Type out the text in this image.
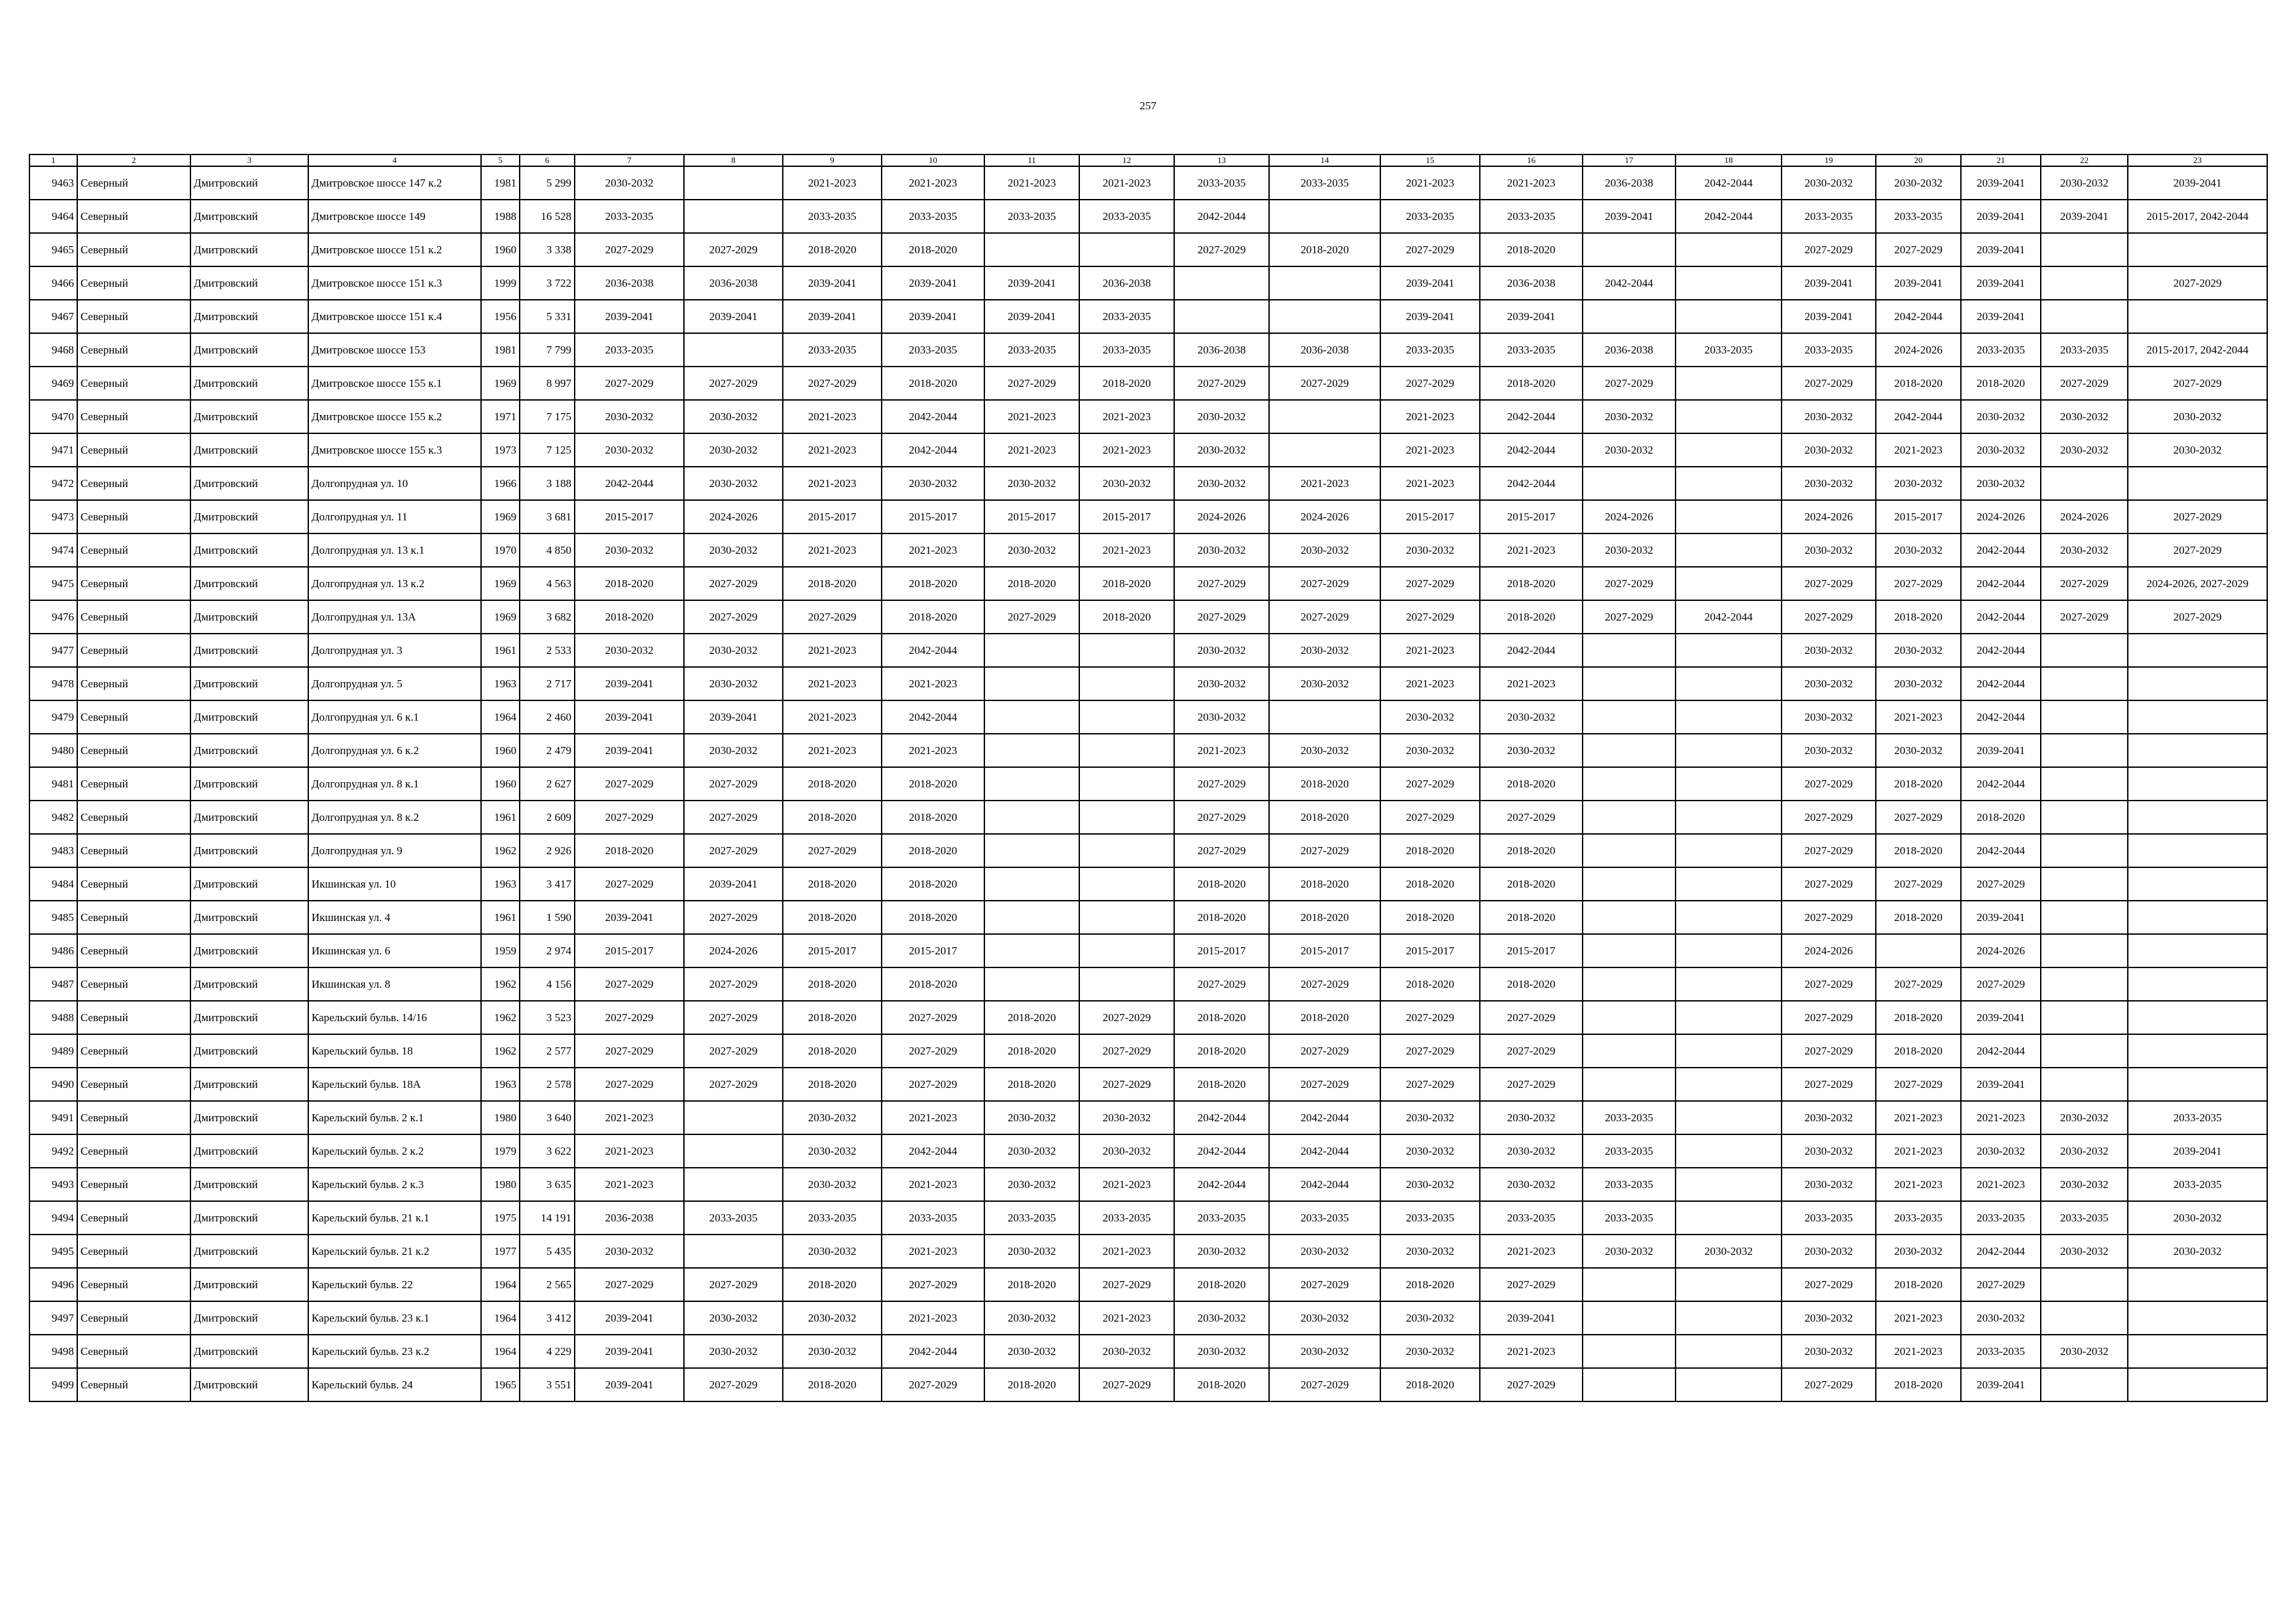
257
1	2	3	4	5	6	7	8	9	10	11	12	13	14	15	16	17	18	19	20	21	22	23
9463	Северный	Дмитровский	Дмитровское шоссе 147 к.2	1981	5 299	2030-2032		2021-2023	2021-2023	2021-2023	2021-2023	2033-2035	2033-2035	2021-2023	2021-2023	2036-2038	2042-2044	2030-2032	2030-2032	2039-2041	2030-2032	2039-2041
9464	Северный	Дмитровский	Дмитровское шоссе 149	1988	16 528	2033-2035		2033-2035	2033-2035	2033-2035	2033-2035	2042-2044		2033-2035	2033-2035	2039-2041	2042-2044	2033-2035	2033-2035	2039-2041	2039-2041	2015-2017, 2042-2044
9465	Северный	Дмитровский	Дмитровское шоссе 151 к.2	1960	3 338	2027-2029	2027-2029	2018-2020	2018-2020			2027-2029	2018-2020	2027-2029	2018-2020			2027-2029	2027-2029	2039-2041		
9466	Северный	Дмитровский	Дмитровское шоссе 151 к.3	1999	3 722	2036-2038	2036-2038	2039-2041	2039-2041	2039-2041	2036-2038			2039-2041	2036-2038	2042-2044		2039-2041	2039-2041	2039-2041		2027-2029
9467	Северный	Дмитровский	Дмитровское шоссе 151 к.4	1956	5 331	2039-2041	2039-2041	2039-2041	2039-2041	2039-2041	2033-2035			2039-2041	2039-2041			2039-2041	2042-2044	2039-2041		
9468	Северный	Дмитровский	Дмитровское шоссе 153	1981	7 799	2033-2035		2033-2035	2033-2035	2033-2035	2033-2035	2036-2038	2036-2038	2033-2035	2033-2035	2036-2038	2033-2035	2033-2035	2024-2026	2033-2035	2033-2035	2015-2017, 2042-2044
9469	Северный	Дмитровский	Дмитровское шоссе 155 к.1	1969	8 997	2027-2029	2027-2029	2027-2029	2018-2020	2027-2029	2018-2020	2027-2029	2027-2029	2027-2029	2018-2020	2027-2029		2027-2029	2018-2020	2018-2020	2027-2029	2027-2029
9470	Северный	Дмитровский	Дмитровское шоссе 155 к.2	1971	7 175	2030-2032	2030-2032	2021-2023	2042-2044	2021-2023	2021-2023	2030-2032		2021-2023	2042-2044	2030-2032		2030-2032	2042-2044	2030-2032	2030-2032	2030-2032
9471	Северный	Дмитровский	Дмитровское шоссе 155 к.3	1973	7 125	2030-2032	2030-2032	2021-2023	2042-2044	2021-2023	2021-2023	2030-2032		2021-2023	2042-2044	2030-2032		2030-2032	2021-2023	2030-2032	2030-2032	2030-2032
9472	Северный	Дмитровский	Долгопрудная ул. 10	1966	3 188	2042-2044	2030-2032	2021-2023	2030-2032	2030-2032	2030-2032	2030-2032	2021-2023	2021-2023	2042-2044			2030-2032	2030-2032	2030-2032		
9473	Северный	Дмитровский	Долгопрудная ул. 11	1969	3 681	2015-2017	2024-2026	2015-2017	2015-2017	2015-2017	2015-2017	2024-2026	2024-2026	2015-2017	2015-2017	2024-2026		2024-2026	2015-2017	2024-2026	2024-2026	2027-2029
9474	Северный	Дмитровский	Долгопрудная ул. 13 к.1	1970	4 850	2030-2032	2030-2032	2021-2023	2021-2023	2030-2032	2021-2023	2030-2032	2030-2032	2030-2032	2021-2023	2030-2032		2030-2032	2030-2032	2042-2044	2030-2032	2027-2029
9475	Северный	Дмитровский	Долгопрудная ул. 13 к.2	1969	4 563	2018-2020	2027-2029	2018-2020	2018-2020	2018-2020	2018-2020	2027-2029	2027-2029	2027-2029	2018-2020	2027-2029		2027-2029	2027-2029	2042-2044	2027-2029	2024-2026, 2027-2029
9476	Северный	Дмитровский	Долгопрудная ул. 13А	1969	3 682	2018-2020	2027-2029	2027-2029	2018-2020	2027-2029	2018-2020	2027-2029	2027-2029	2027-2029	2018-2020	2027-2029	2042-2044	2027-2029	2018-2020	2042-2044	2027-2029	2027-2029
9477	Северный	Дмитровский	Долгопрудная ул. 3	1961	2 533	2030-2032	2030-2032	2021-2023	2042-2044			2030-2032	2030-2032	2021-2023	2042-2044			2030-2032	2030-2032	2042-2044		
9478	Северный	Дмитровский	Долгопрудная ул. 5	1963	2 717	2039-2041	2030-2032	2021-2023	2021-2023			2030-2032	2030-2032	2021-2023	2021-2023			2030-2032	2030-2032	2042-2044		
9479	Северный	Дмитровский	Долгопрудная ул. 6 к.1	1964	2 460	2039-2041	2039-2041	2021-2023	2042-2044			2030-2032		2030-2032	2030-2032			2030-2032	2021-2023	2042-2044		
9480	Северный	Дмитровский	Долгопрудная ул. 6 к.2	1960	2 479	2039-2041	2030-2032	2021-2023	2021-2023			2021-2023	2030-2032	2030-2032	2030-2032			2030-2032	2030-2032	2039-2041		
9481	Северный	Дмитровский	Долгопрудная ул. 8 к.1	1960	2 627	2027-2029	2027-2029	2018-2020	2018-2020			2027-2029	2018-2020	2027-2029	2018-2020			2027-2029	2018-2020	2042-2044		
9482	Северный	Дмитровский	Долгопрудная ул. 8 к.2	1961	2 609	2027-2029	2027-2029	2018-2020	2018-2020			2027-2029	2018-2020	2027-2029	2027-2029			2027-2029	2027-2029	2018-2020		
9483	Северный	Дмитровский	Долгопрудная ул. 9	1962	2 926	2018-2020	2027-2029	2027-2029	2018-2020			2027-2029	2027-2029	2018-2020	2018-2020			2027-2029	2018-2020	2042-2044		
9484	Северный	Дмитровский	Икшинская ул. 10	1963	3 417	2027-2029	2039-2041	2018-2020	2018-2020			2018-2020	2018-2020	2018-2020	2018-2020			2027-2029	2027-2029	2027-2029		
9485	Северный	Дмитровский	Икшинская ул. 4	1961	1 590	2039-2041	2027-2029	2018-2020	2018-2020			2018-2020	2018-2020	2018-2020	2018-2020			2027-2029	2018-2020	2039-2041		
9486	Северный	Дмитровский	Икшинская ул. 6	1959	2 974	2015-2017	2024-2026	2015-2017	2015-2017			2015-2017	2015-2017	2015-2017	2015-2017			2024-2026		2024-2026		
9487	Северный	Дмитровский	Икшинская ул. 8	1962	4 156	2027-2029	2027-2029	2018-2020	2018-2020			2027-2029	2027-2029	2018-2020	2018-2020			2027-2029	2027-2029	2027-2029		
9488	Северный	Дмитровский	Карельский бульв. 14/16	1962	3 523	2027-2029	2027-2029	2018-2020	2027-2029	2018-2020	2027-2029	2018-2020	2018-2020	2027-2029	2027-2029			2027-2029	2018-2020	2039-2041		
9489	Северный	Дмитровский	Карельский бульв. 18	1962	2 577	2027-2029	2027-2029	2018-2020	2027-2029	2018-2020	2027-2029	2018-2020	2027-2029	2027-2029	2027-2029			2027-2029	2018-2020	2042-2044		
9490	Северный	Дмитровский	Карельский бульв. 18А	1963	2 578	2027-2029	2027-2029	2018-2020	2027-2029	2018-2020	2027-2029	2018-2020	2027-2029	2027-2029	2027-2029			2027-2029	2027-2029	2039-2041		
9491	Северный	Дмитровский	Карельский бульв. 2 к.1	1980	3 640	2021-2023		2030-2032	2021-2023	2030-2032	2030-2032	2042-2044	2042-2044	2030-2032	2030-2032	2033-2035		2030-2032	2021-2023	2021-2023	2030-2032	2033-2035
9492	Северный	Дмитровский	Карельский бульв. 2 к.2	1979	3 622	2021-2023		2030-2032	2042-2044	2030-2032	2030-2032	2042-2044	2042-2044	2030-2032	2030-2032	2033-2035		2030-2032	2021-2023	2030-2032	2030-2032	2039-2041
9493	Северный	Дмитровский	Карельский бульв. 2 к.3	1980	3 635	2021-2023		2030-2032	2021-2023	2030-2032	2021-2023	2042-2044	2042-2044	2030-2032	2030-2032	2033-2035		2030-2032	2021-2023	2021-2023	2030-2032	2033-2035
9494	Северный	Дмитровский	Карельский бульв. 21 к.1	1975	14 191	2036-2038	2033-2035	2033-2035	2033-2035	2033-2035	2033-2035	2033-2035	2033-2035	2033-2035	2033-2035	2033-2035		2033-2035	2033-2035	2033-2035	2033-2035	2030-2032
9495	Северный	Дмитровский	Карельский бульв. 21 к.2	1977	5 435	2030-2032		2030-2032	2021-2023	2030-2032	2021-2023	2030-2032	2030-2032	2030-2032	2021-2023	2030-2032	2030-2032	2030-2032	2030-2032	2042-2044	2030-2032	2030-2032
9496	Северный	Дмитровский	Карельский бульв. 22	1964	2 565	2027-2029	2027-2029	2018-2020	2027-2029	2018-2020	2027-2029	2018-2020	2027-2029	2018-2020	2027-2029			2027-2029	2018-2020	2027-2029		
9497	Северный	Дмитровский	Карельский бульв. 23 к.1	1964	3 412	2039-2041	2030-2032	2030-2032	2021-2023	2030-2032	2021-2023	2030-2032	2030-2032	2030-2032	2039-2041			2030-2032	2021-2023	2030-2032		
9498	Северный	Дмитровский	Карельский бульв. 23 к.2	1964	4 229	2039-2041	2030-2032	2030-2032	2042-2044	2030-2032	2030-2032	2030-2032	2030-2032	2030-2032	2021-2023			2030-2032	2021-2023	2033-2035	2030-2032	
9499	Северный	Дмитровский	Карельский бульв. 24	1965	3 551	2039-2041	2027-2029	2018-2020	2027-2029	2018-2020	2027-2029	2018-2020	2027-2029	2018-2020	2027-2029			2027-2029	2018-2020	2039-2041		
